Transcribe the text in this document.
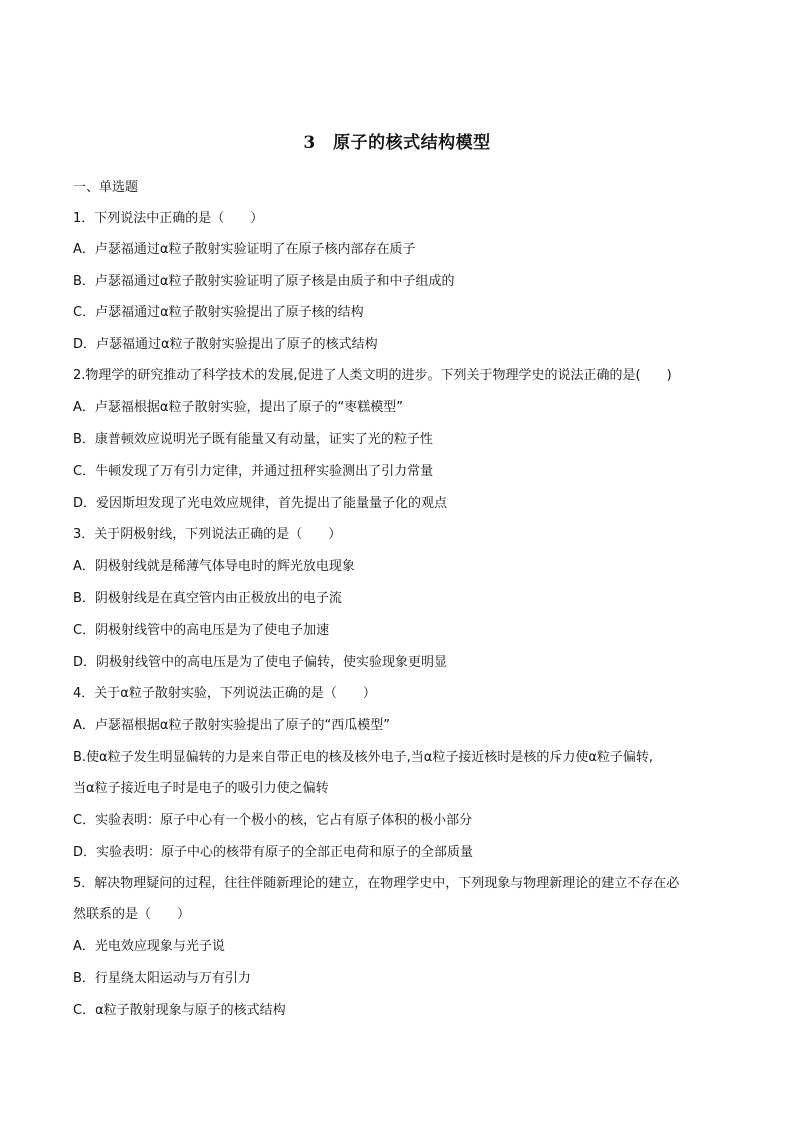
3　原子的核式结构模型
一、单选题
1．下列说法中正确的是（　　）
A．卢瑟福通过α粒子散射实验证明了在原子核内部存在质子
B．卢瑟福通过α粒子散射实验证明了原子核是由质子和中子组成的
C．卢瑟福通过α粒子散射实验提出了原子核的结构
D．卢瑟福通过α粒子散射实验提出了原子的核式结构
2.物理学的研究推动了科学技术的发展,促进了人类文明的进步。下列关于物理学史的说法正确的是(　　)
A．卢瑟福根据α粒子散射实验，提出了原子的“枣糕模型”
B．康普顿效应说明光子既有能量又有动量，证实了光的粒子性
C．牛顿发现了万有引力定律，并通过扭秤实验测出了引力常量
D．爱因斯坦发现了光电效应规律，首先提出了能量量子化的观点
3．关于阴极射线，下列说法正确的是（　　）
A．阴极射线就是稀薄气体导电时的辉光放电现象
B．阴极射线是在真空管内由正极放出的电子流
C．阴极射线管中的高电压是为了使电子加速
D．阴极射线管中的高电压是为了使电子偏转，使实验现象更明显
4．关于α粒子散射实验，下列说法正确的是（　　）
A．卢瑟福根据α粒子散射实验提出了原子的“西瓜模型”
B.使α粒子发生明显偏转的力是来自带正电的核及核外电子,当α粒子接近核时是核的斥力使α粒子偏转,
当α粒子接近电子时是电子的吸引力使之偏转
C．实验表明：原子中心有一个极小的核，它占有原子体积的极小部分
D．实验表明：原子中心的核带有原子的全部正电荷和原子的全部质量
5．解决物理疑问的过程，往往伴随新理论的建立，在物理学史中，下列现象与物理新理论的建立不存在必
然联系的是（　　）
A．光电效应现象与光子说
B．行星绕太阳运动与万有引力
C．α粒子散射现象与原子的核式结构
